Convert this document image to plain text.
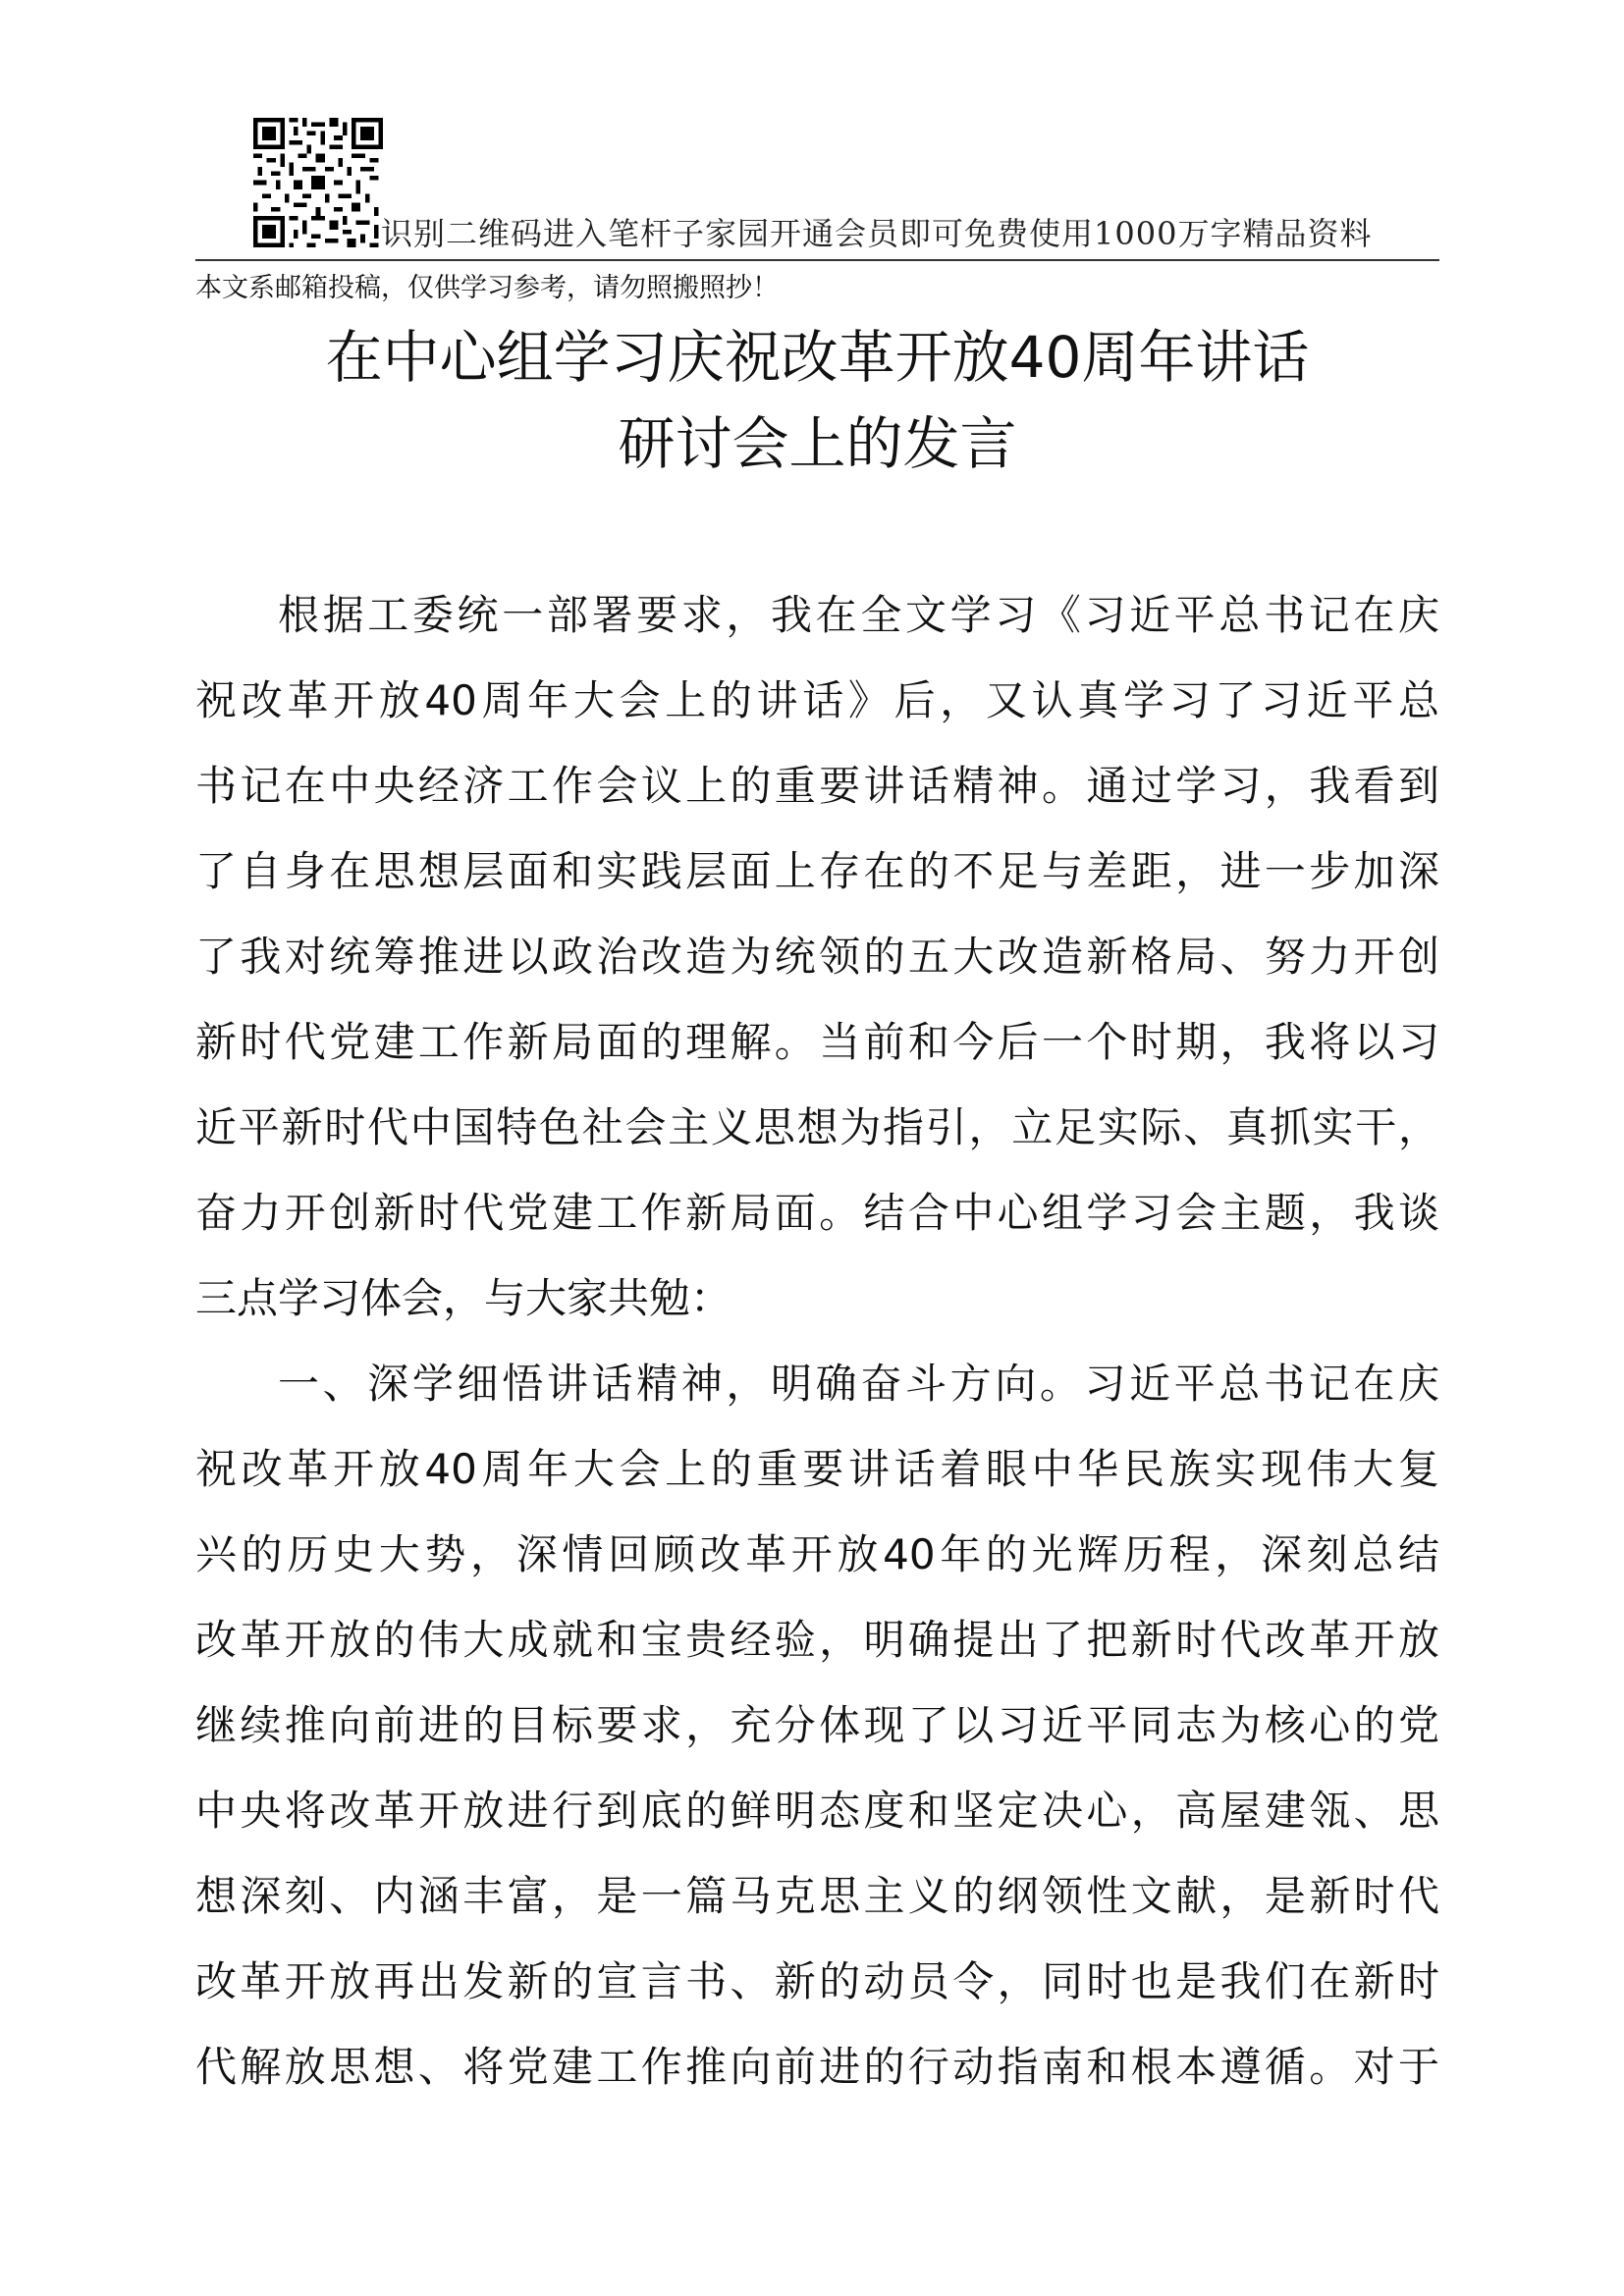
识别二维码进入笔杆子家园开通会员即可免费使用1000万字精品资料
本文系邮箱投稿，仅供学习参考，请勿照搬照抄！
在中心组学习庆祝改革开放40周年讲话
研讨会上的发言
根据工委统一部署要求，我在全文学习《习近平总书记在庆
祝改革开放40周年大会上的讲话》后，又认真学习了习近平总
书记在中央经济工作会议上的重要讲话精神。通过学习，我看到
了自身在思想层面和实践层面上存在的不足与差距，进一步加深
了我对统筹推进以政治改造为统领的五大改造新格局、努力开创
新时代党建工作新局面的理解。当前和今后一个时期，我将以习
近平新时代中国特色社会主义思想为指引，立足实际、真抓实干，
奋力开创新时代党建工作新局面。结合中心组学习会主题，我谈
三点学习体会，与大家共勉：
一、深学细悟讲话精神，明确奋斗方向。习近平总书记在庆
祝改革开放40周年大会上的重要讲话着眼中华民族实现伟大复
兴的历史大势，深情回顾改革开放40年的光辉历程，深刻总结
改革开放的伟大成就和宝贵经验，明确提出了把新时代改革开放
继续推向前进的目标要求，充分体现了以习近平同志为核心的党
中央将改革开放进行到底的鲜明态度和坚定决心，高屋建瓴、思
想深刻、内涵丰富，是一篇马克思主义的纲领性文献，是新时代
改革开放再出发新的宣言书、新的动员令，同时也是我们在新时
代解放思想、将党建工作推向前进的行动指南和根本遵循。对于
